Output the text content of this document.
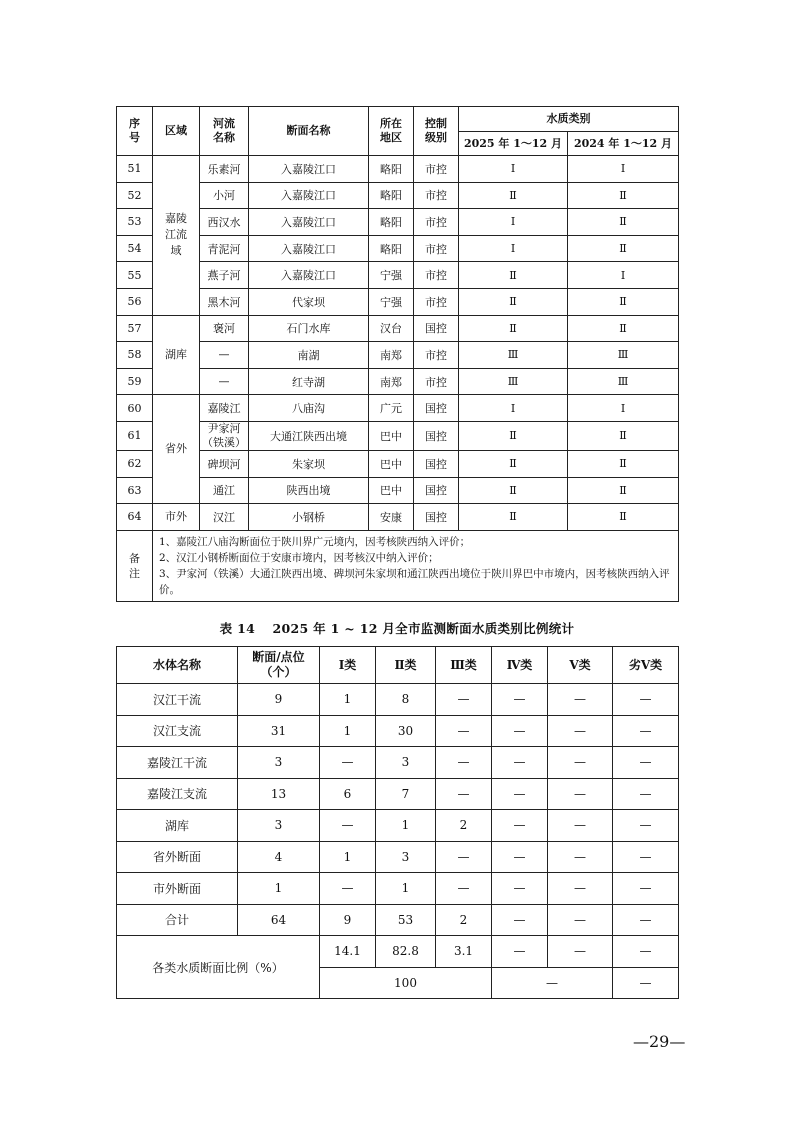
序号	区域	河流名称	断面名称	所在地区	控制级别	水质类别	
						2025 年 1～12 月	2024 年 1～12 月
51	嘉陵江流域	乐素河	入嘉陵江口	略阳	市控	Ⅰ	Ⅰ
52		小河	入嘉陵江口	略阳	市控	Ⅱ	Ⅱ
53		西汉水	入嘉陵江口	略阳	市控	Ⅰ	Ⅱ
54		青泥河	入嘉陵江口	略阳	市控	Ⅰ	Ⅱ
55		燕子河	入嘉陵江口	宁强	市控	Ⅱ	Ⅰ
56		黑木河	代家坝	宁强	市控	Ⅱ	Ⅱ
57	湖库	褒河	石门水库	汉台	国控	Ⅱ	Ⅱ
58		—	南湖	南郑	市控	Ⅲ	Ⅲ
59		—	红寺湖	南郑	市控	Ⅲ	Ⅲ
60	省外	嘉陵江	八庙沟	广元	国控	Ⅰ	Ⅰ
61		尹家河（铁溪）	大通江陕西出境	巴中	国控	Ⅱ	Ⅱ
62		碑坝河	朱家坝	巴中	国控	Ⅱ	Ⅱ
63		通江	陕西出境	巴中	国控	Ⅱ	Ⅱ
64	市外	汉江	小钢桥	安康	国控	Ⅱ	Ⅱ
备注	1、嘉陵江八庙沟断面位于陕川界广元境内，因考核陕西纳入评价；
2、汉江小钢桥断面位于安康市境内，因考核汉中纳入评价；
3、尹家河（铁溪）大通江陕西出境、碑坝河朱家坝和通江陕西出境位于陕川界巴中市境内，因考核陕西纳入评价。						
表 14　 2025 年 1 ~ 12 月全市监测断面水质类别比例统计
水体名称	断面/点位（个）	Ⅰ类	Ⅱ类	Ⅲ类	Ⅳ类	Ⅴ类	劣Ⅴ类
汉江干流	9	1	8	—	—	—	—
汉江支流	31	1	30	—	—	—	—
嘉陵江干流	3	—	3	—	—	—	—
嘉陵江支流	13	6	7	—	—	—	—
湖库	3	—	1	2	—	—	—
省外断面	4	1	3	—	—	—	—
市外断面	1	—	1	—	—	—	—
合计	64	9	53	2	—	—	—
各类水质断面比例（%）		14.1	82.8	3.1	—	—	—
		100			—		—
—29—
